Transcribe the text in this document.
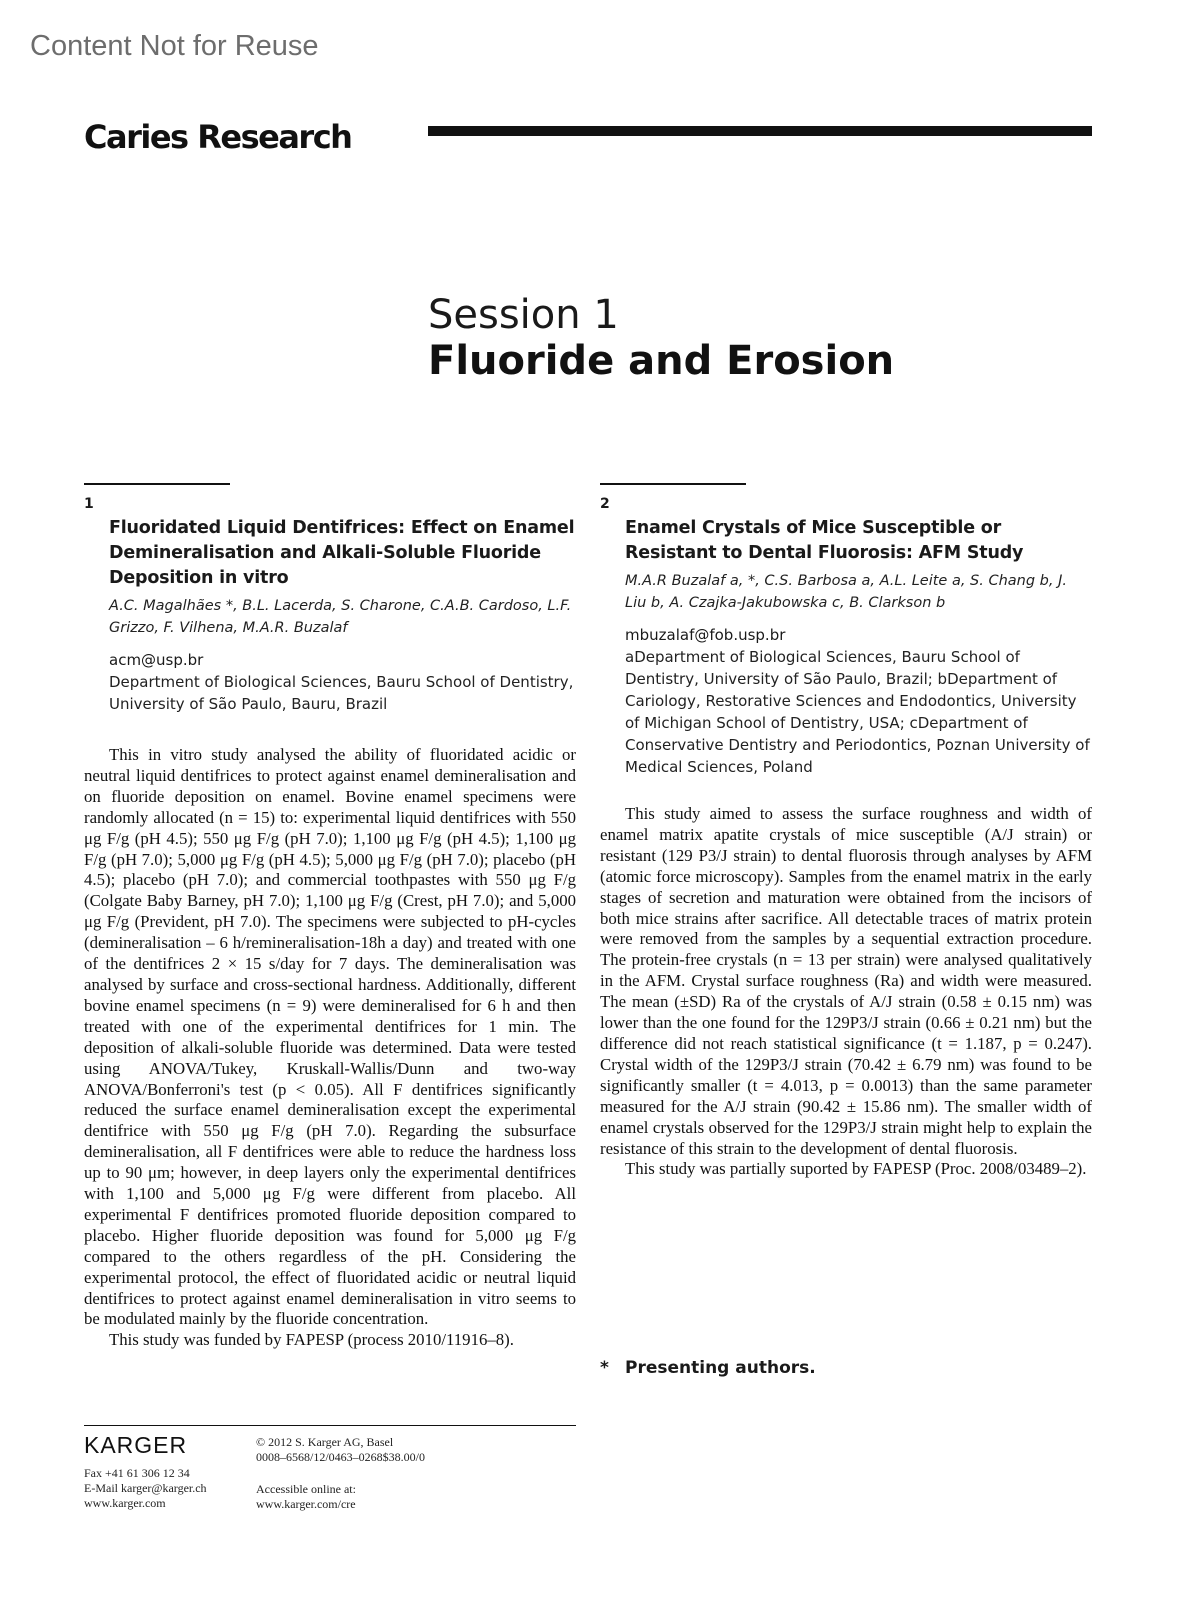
Content Not for Reuse
Caries Research
Session 1
Fluoride and Erosion
1
Fluoridated Liquid Dentifrices: Effect on Enamel Demineralisation and Alkali-Soluble Fluoride Deposition in vitro
A.C. Magalhães *, B.L. Lacerda, S. Charone, C.A.B. Cardoso, L.F. Grizzo, F. Vilhena, M.A.R. Buzalaf
acm@usp.br
Department of Biological Sciences, Bauru School of Dentistry, University of São Paulo, Bauru, Brazil

This in vitro study analysed the ability of fluoridated acidic or neutral liquid dentifrices to protect against enamel demineralisation and on fluoride deposition on enamel. Bovine enamel specimens were randomly allocated (n = 15) to: experimental liquid dentifrices with 550 μg F/g (pH 4.5); 550 μg F/g (pH 7.0); 1,100 μg F/g (pH 4.5); 1,100 μg F/g (pH 7.0); 5,000 μg F/g (pH 4.5); 5,000 μg F/g (pH 7.0); placebo (pH 4.5); placebo (pH 7.0); and commercial toothpastes with 550 μg F/g (Colgate Baby Barney, pH 7.0); 1,100 μg F/g (Crest, pH 7.0); and 5,000 μg F/g (Prevident, pH 7.0). The specimens were subjected to pH-cycles (demineralisation – 6 h/remineralisation-18h a day) and treated with one of the dentifrices 2 × 15 s/day for 7 days. The demineralisation was analysed by surface and cross-sectional hardness. Additionally, different bovine enamel specimens (n = 9) were demineralised for 6 h and then treated with one of the experimental dentifrices for 1 min. The deposition of alkali-soluble fluoride was determined. Data were tested using ANOVA/Tukey, Kruskall-Wallis/Dunn and two-way ANOVA/Bonferroni's test (p < 0.05). All F dentifrices significantly reduced the surface enamel demineralisation except the experimental dentifrice with 550 μg F/g (pH 7.0). Regarding the subsurface demineralisation, all F dentifrices were able to reduce the hardness loss up to 90 μm; however, in deep layers only the experimental dentifrices with 1,100 and 5,000 μg F/g were different from placebo. All experimental F dentifrices promoted fluoride deposition compared to placebo. Higher fluoride deposition was found for 5,000 μg F/g compared to the others regardless of the pH. Considering the experimental protocol, the effect of fluoridated acidic or neutral liquid dentifrices to protect against enamel demineralisation in vitro seems to be modulated mainly by the fluoride concentration.

This study was funded by FAPESP (process 2010/11916–8).

2
Enamel Crystals of Mice Susceptible or Resistant to Dental Fluorosis: AFM Study
M.A.R Buzalaf a, *, C.S. Barbosa a, A.L. Leite a, S. Chang b, J. Liu b, A. Czajka-Jakubowska c, B. Clarkson b
mbuzalaf@fob.usp.br
aDepartment of Biological Sciences, Bauru School of Dentistry, University of São Paulo, Brazil; bDepartment of Cariology, Restorative Sciences and Endodontics, University of Michigan School of Dentistry, USA; cDepartment of Conservative Dentistry and Periodontics, Poznan University of Medical Sciences, Poland

This study aimed to assess the surface roughness and width of enamel matrix apatite crystals of mice susceptible (A/J strain) or resistant (129 P3/J strain) to dental fluorosis through analyses by AFM (atomic force microscopy). Samples from the enamel matrix in the early stages of secretion and maturation were obtained from the incisors of both mice strains after sacrifice. All detectable traces of matrix protein were removed from the samples by a sequential extraction procedure. The protein-free crystals (n = 13 per strain) were analysed qualitatively in the AFM. Crystal surface roughness (Ra) and width were measured. The mean (±SD) Ra of the crystals of A/J strain (0.58 ± 0.15 nm) was lower than the one found for the 129P3/J strain (0.66 ± 0.21 nm) but the difference did not reach statistical significance (t = 1.187, p = 0.247). Crystal width of the 129P3/J strain (70.42 ± 6.79 nm) was found to be significantly smaller (t = 4.013, p = 0.0013) than the same parameter measured for the A/J strain (90.42 ± 15.86 nm). The smaller width of enamel crystals observed for the 129P3/J strain might help to explain the resistance of this strain to the development of dental fluorosis.

This study was partially suported by FAPESP (Proc. 2008/03489–2).

* Presenting authors.
KARGER
Fax +41 61 306 12 34
E-Mail karger@karger.ch
www.karger.com
© 2012 S. Karger AG, Basel
0008–6568/12/0463–0268$38.00/0
Accessible online at:
www.karger.com/cre
